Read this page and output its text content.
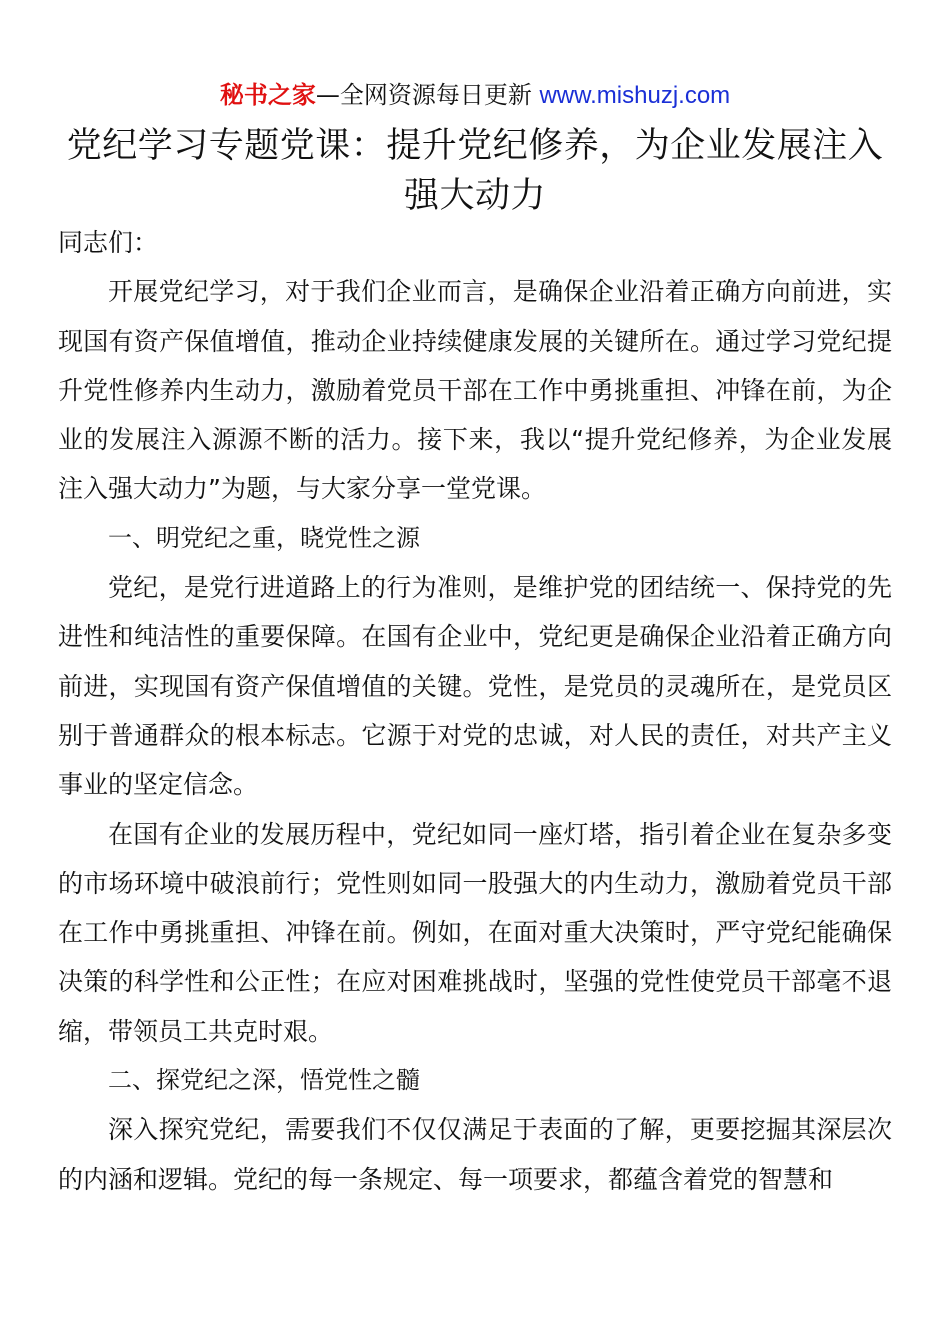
秘书之家—全网资源每日更新 www.mishuzj.com
党纪学习专题党课：提升党纪修养，为企业发展注入强大动力

同志们：

开展党纪学习，对于我们企业而言，是确保企业沿着正确方向前进，实现国有资产保值增值，推动企业持续健康发展的关键所在。通过学习党纪提升党性修养内生动力，激励着党员干部在工作中勇挑重担、冲锋在前，为企业的发展注入源源不断的活力。接下来，我以“提升党纪修养，为企业发展注入强大动力”为题，与大家分享一堂党课。

一、明党纪之重，晓党性之源

党纪，是党行进道路上的行为准则，是维护党的团结统一、保持党的先进性和纯洁性的重要保障。在国有企业中，党纪更是确保企业沿着正确方向前进，实现国有资产保值增值的关键。党性，是党员的灵魂所在，是党员区别于普通群众的根本标志。它源于对党的忠诚，对人民的责任，对共产主义事业的坚定信念。

在国有企业的发展历程中，党纪如同一座灯塔，指引着企业在复杂多变的市场环境中破浪前行；党性则如同一股强大的内生动力，激励着党员干部在工作中勇挑重担、冲锋在前。例如，在面对重大决策时，严守党纪能确保决策的科学性和公正性；在应对困难挑战时，坚强的党性使党员干部毫不退缩，带领员工共克时艰。

二、探党纪之深，悟党性之髓

深入探究党纪，需要我们不仅仅满足于表面的了解，更要挖掘其深层次的内涵和逻辑。党纪的每一条规定、每一项要求，都蕴含着党的智慧和
